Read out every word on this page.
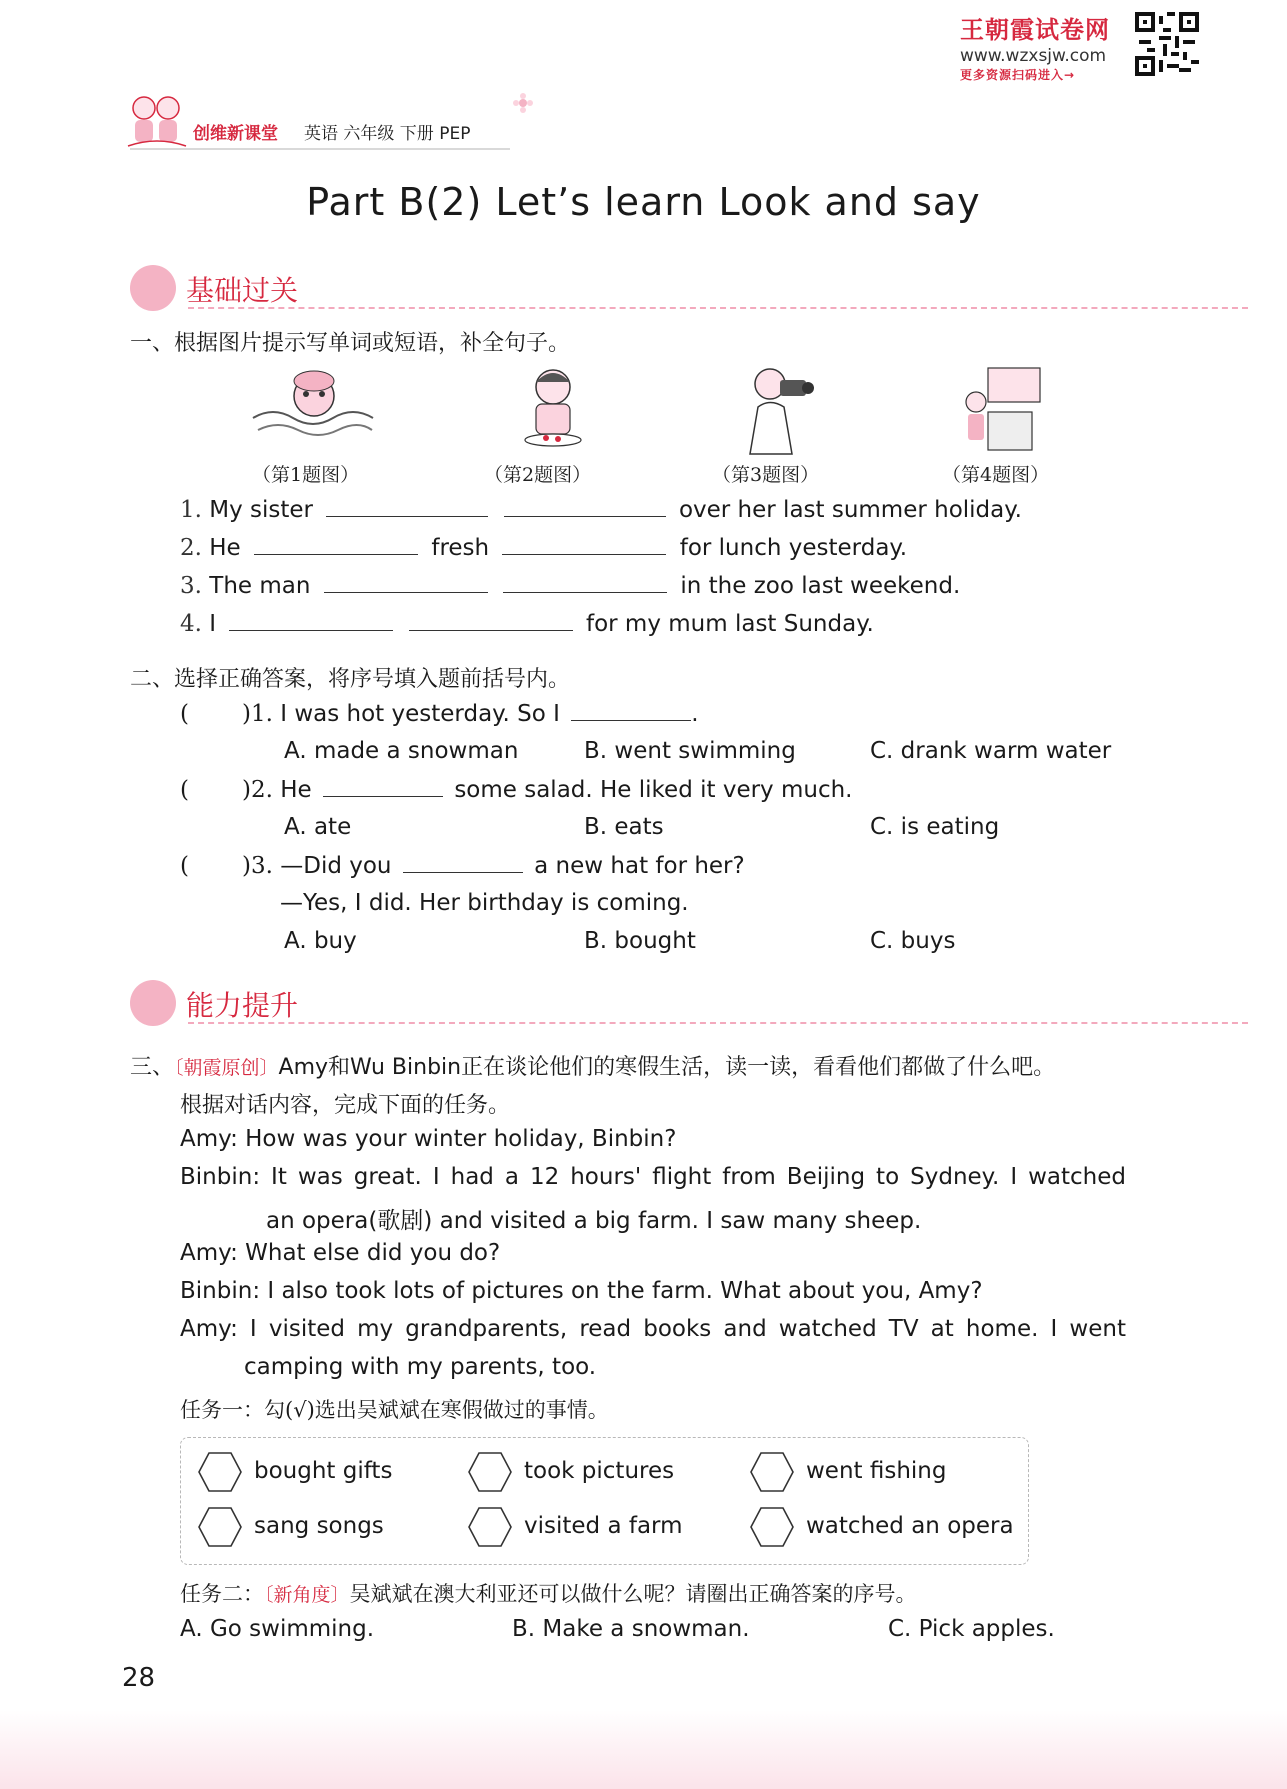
王朝霞试卷网
www.wzxsjw.com
更多资源扫码进入→
创维新课堂 英语 六年级 下册 PEP
Part B(2) Let’s learn Look and say
基础过关
一、根据图片提示写单词或短语，补全句子。
（第1题图）	（第2题图）	（第3题图）	（第4题图）
1. My sister	over her last summer holiday.
2. He	fresh	for lunch yesterday.
3. The man	in the zoo last weekend.
4. I	for my mum last Sunday.
二、选择正确答案，将序号填入题前括号内。
( )1. I was hot yesterday. So I	.
A. made a snowman	B. went swimming	C. drank warm water
( )2. He	some salad. He liked it very much.
A. ate	B. eats	C. is eating
( )3. —Did you	a new hat for her?
—Yes, I did. Her birthday is coming.
A. buy	B. bought	C. buys
能力提升
三、〔朝霞原创〕Amy和Wu Binbin正在谈论他们的寒假生活，读一读，看看他们都做了什么吧。
根据对话内容，完成下面的任务。
Amy: How was your winter holiday, Binbin?
Binbin: It was great. I had a 12 hours' flight from Beijing to Sydney. I watched
an opera(歌剧) and visited a big farm. I saw many sheep.
Amy: What else did you do?
Binbin: I also took lots of pictures on the farm. What about you, Amy?
Amy: I visited my grandparents, read books and watched TV at home. I went
camping with my parents, too.
任务一：勾(√)选出吴斌斌在寒假做过的事情。
bought gifts	took pictures	went fishing
sang songs	visited a farm	watched an opera
任务二：〔新角度〕吴斌斌在澳大利亚还可以做什么呢？请圈出正确答案的序号。
A. Go swimming.	B. Make a snowman.	C. Pick apples.
28
